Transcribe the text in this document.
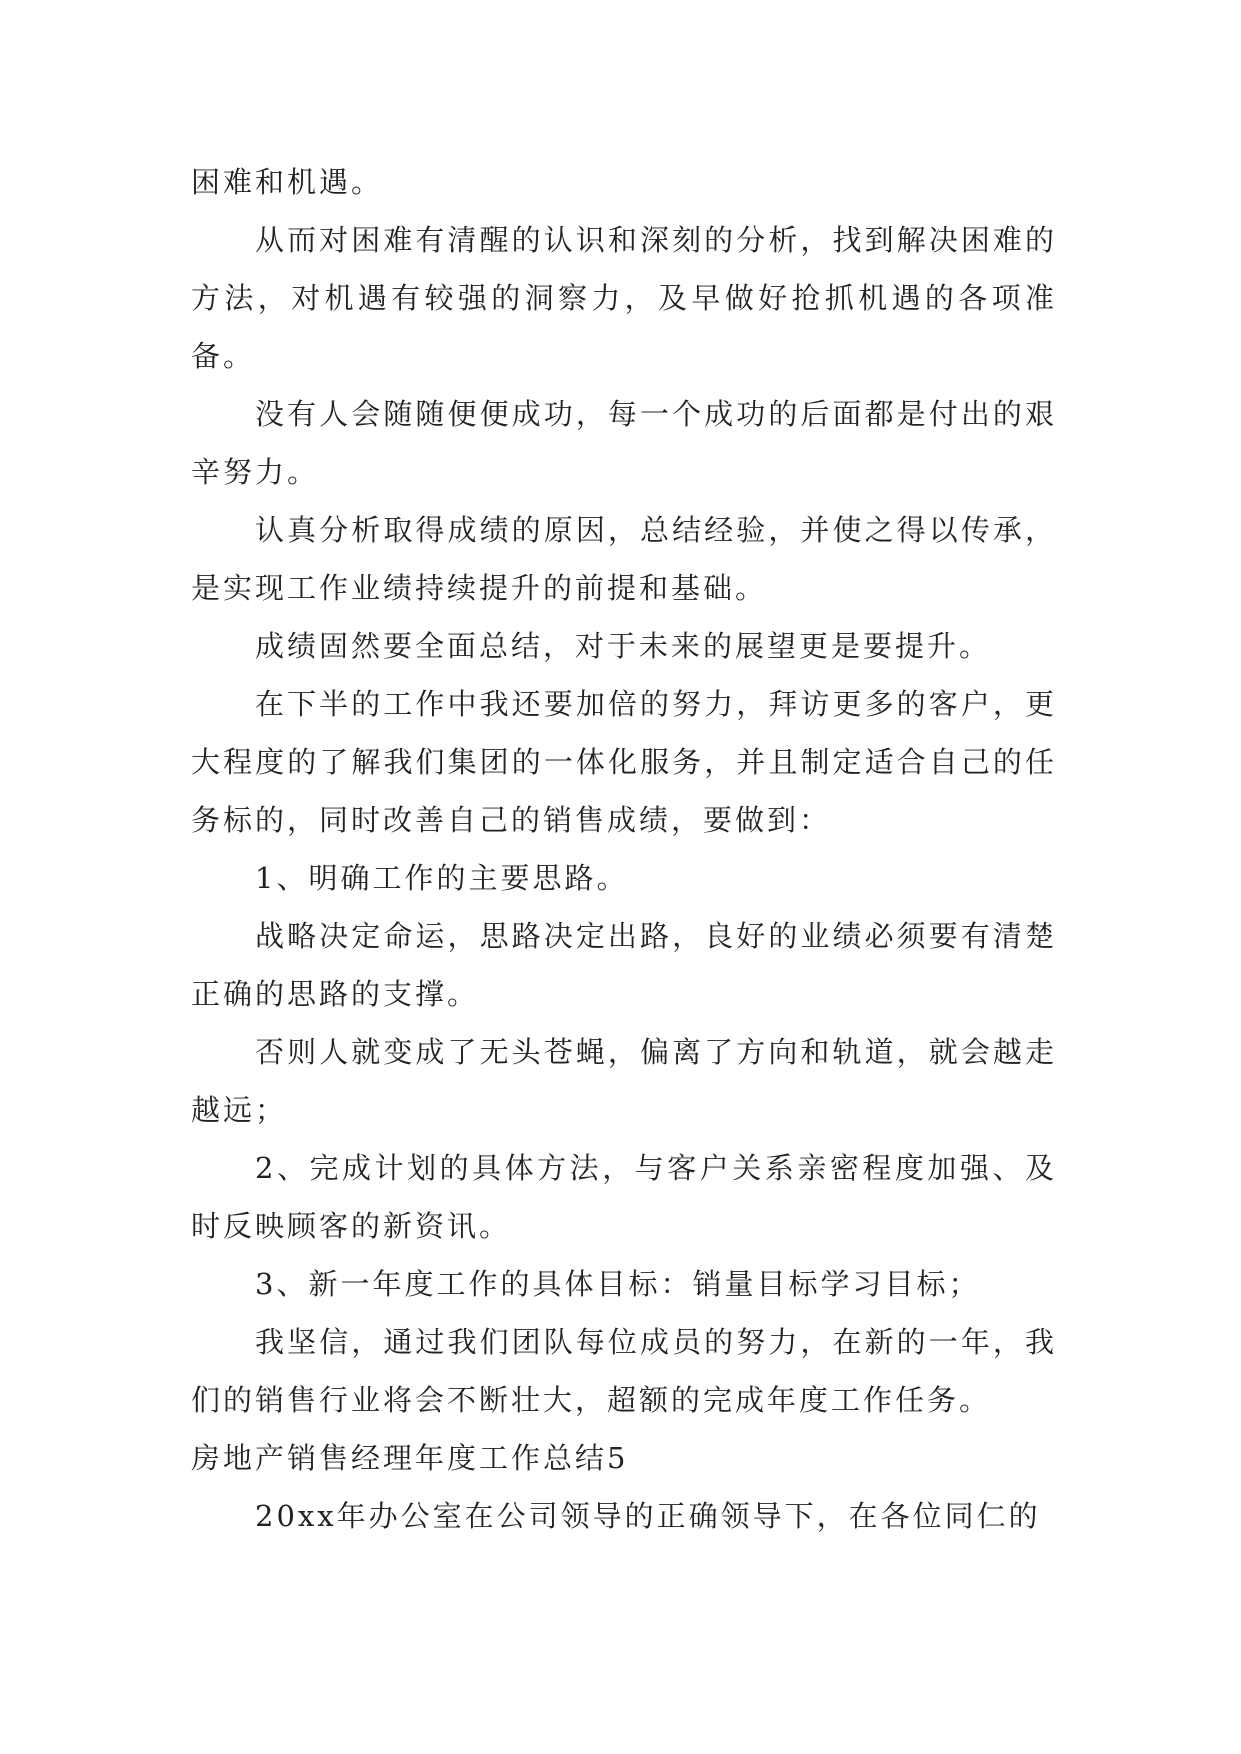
困难和机遇。

从而对困难有清醒的认识和深刻的分析，找到解决困难的方法，对机遇有较强的洞察力，及早做好抢抓机遇的各项准备。

没有人会随随便便成功，每一个成功的后面都是付出的艰辛努力。

认真分析取得成绩的原因，总结经验，并使之得以传承，是实现工作业绩持续提升的前提和基础。

成绩固然要全面总结，对于未来的展望更是要提升。

在下半的工作中我还要加倍的努力，拜访更多的客户，更大程度的了解我们集团的一体化服务，并且制定适合自己的任务标的，同时改善自己的销售成绩，要做到：

1、明确工作的主要思路。

战略决定命运，思路决定出路，良好的业绩必须要有清楚正确的思路的支撑。

否则人就变成了无头苍蝇，偏离了方向和轨道，就会越走越远；

2、完成计划的具体方法，与客户关系亲密程度加强、及时反映顾客的新资讯。

3、新一年度工作的具体目标：销量目标学习目标；

我坚信，通过我们团队每位成员的努力，在新的一年，我们的销售行业将会不断壮大，超额的完成年度工作任务。

房地产销售经理年度工作总结5

20xx年办公室在公司领导的正确领导下，在各位同仁的
